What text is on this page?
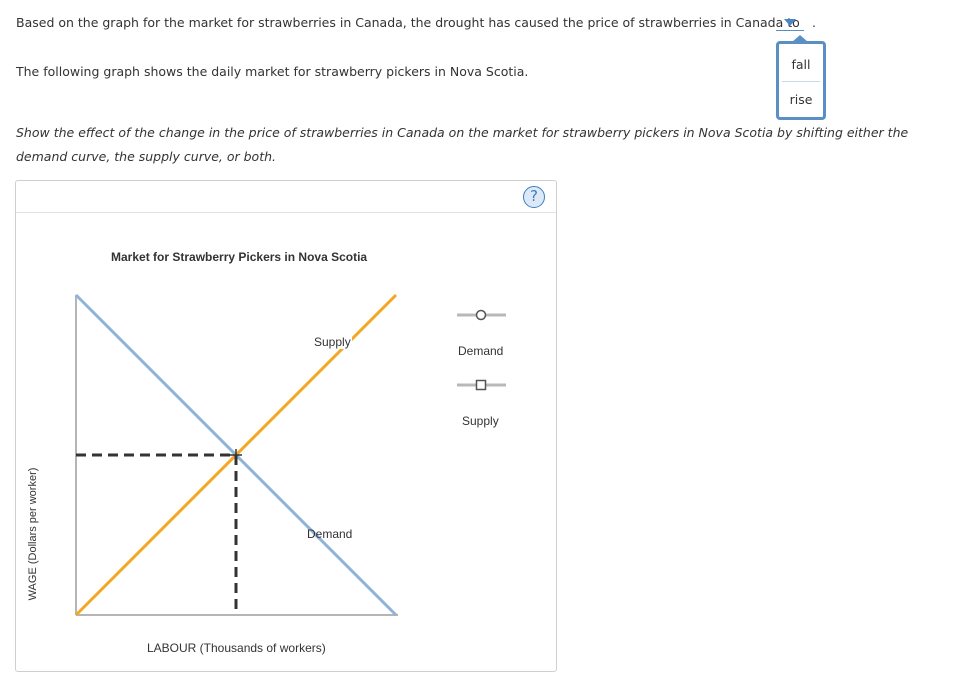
Based on the graph for the market for strawberries in Canada, the drought has caused the price of strawberries in Canada to .
fall
rise
The following graph shows the daily market for strawberry pickers in Nova Scotia.
Show the effect of the change in the price of strawberries in Canada on the market for strawberry pickers in Nova Scotia by shifting either the demand curve, the supply curve, or both.
?
Market for Strawberry Pickers in Nova Scotia
WAGE (Dollars per worker)
LABOUR (Thousands of workers)
Supply
Demand
Demand
Supply
